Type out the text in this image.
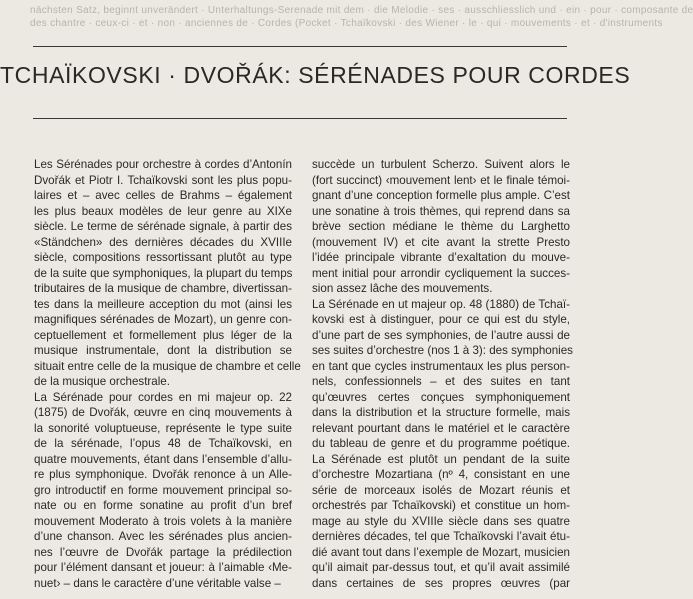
nächsten Satz, beginnt unverändert · Unterhaltungs-Serenade mit dem · die Melodie · ses · ausschliesslich und · ein · pour · composante de
des chantre · ceux-ci · et · non · anciennes de · Cordes (Pocket · Tchaïkovski · des Wiener · le · qui · mouvements · et · d'instruments
TCHAÏKOVSKI · DVOŘÁK: SÉRÉNADES POUR CORDES
Les Sérénades pour orchestre à cordes d’Antonín
Dvořák et Piotr I. Tchaïkovski sont les plus popu-
laires et – avec celles de Brahms – également
les plus beaux modèles de leur genre au XIXe
siècle. Le terme de sérénade signale, à partir des
«Ständchen» des dernières décades du XVIIIe
siècle, compositions ressortissant plutôt au type
de la suite que symphoniques, la plupart du temps
tributaires de la musique de chambre, divertissan-
tes dans la meilleure acception du mot (ainsi les
magnifiques sérénades de Mozart), un genre con-
ceptuellement et formellement plus léger de la
musique instrumentale, dont la distribution se
situait entre celle de la musique de chambre et celle
de la musique orchestrale.
La Sérénade pour cordes en mi majeur op. 22
(1875) de Dvořák, œuvre en cinq mouvements à
la sonorité voluptueuse, représente le type suite
de la sérénade, l’opus 48 de Tchaïkovski, en
quatre mouvements, étant dans l’ensemble d’allu-
re plus symphonique. Dvořák renonce à un Alle-
gro introductif en forme mouvement principal so-
nate ou en forme sonatine au profit d’un bref
mouvement Moderato à trois volets à la manière
d’une chanson. Avec les sérénades plus ancien-
nes l’œuvre de Dvořák partage la prédilection
pour l’élément dansant et joueur: à l’aimable ‹Me-
nuet› – dans le caractère d’une véritable valse –
succède un turbulent Scherzo. Suivent alors le
(fort succinct) ‹mouvement lent› et le finale témoi-
gnant d’une conception formelle plus ample. C’est
une sonatine à trois thèmes, qui reprend dans sa
brève section médiane le thème du Larghetto
(mouvement IV) et cite avant la strette Presto
l’idée principale vibrante d’exaltation du mouve-
ment initial pour arrondir cycliquement la succes-
sion assez lâche des mouvements.
La Sérénade en ut majeur op. 48 (1880) de Tchaï-
kovski est à distinguer, pour ce qui est du style,
d’une part de ses symphonies, de l’autre aussi de
ses suites d’orchestre (nos 1 à 3): des symphonies
en tant que cycles instrumentaux les plus person-
nels, confessionnels – et des suites en tant
qu’œuvres certes conçues symphoniquement
dans la distribution et la structure formelle, mais
relevant pourtant dans le matériel et le caractère
du tableau de genre et du programme poétique.
La Sérénade est plutôt un pendant de la suite
d’orchestre Mozartiana (nº 4, consistant en une
série de morceaux isolés de Mozart réunis et
orchestrés par Tchaïkovski) et constitue un hom-
mage au style du XVIIIe siècle dans ses quatre
dernières décades, tel que Tchaïkovski l’avait étu-
dié avant tout dans l’exemple de Mozart, musicien
qu’il aimait par-dessus tout, et qu’il avait assimilé
dans certaines de ses propres œuvres (par
